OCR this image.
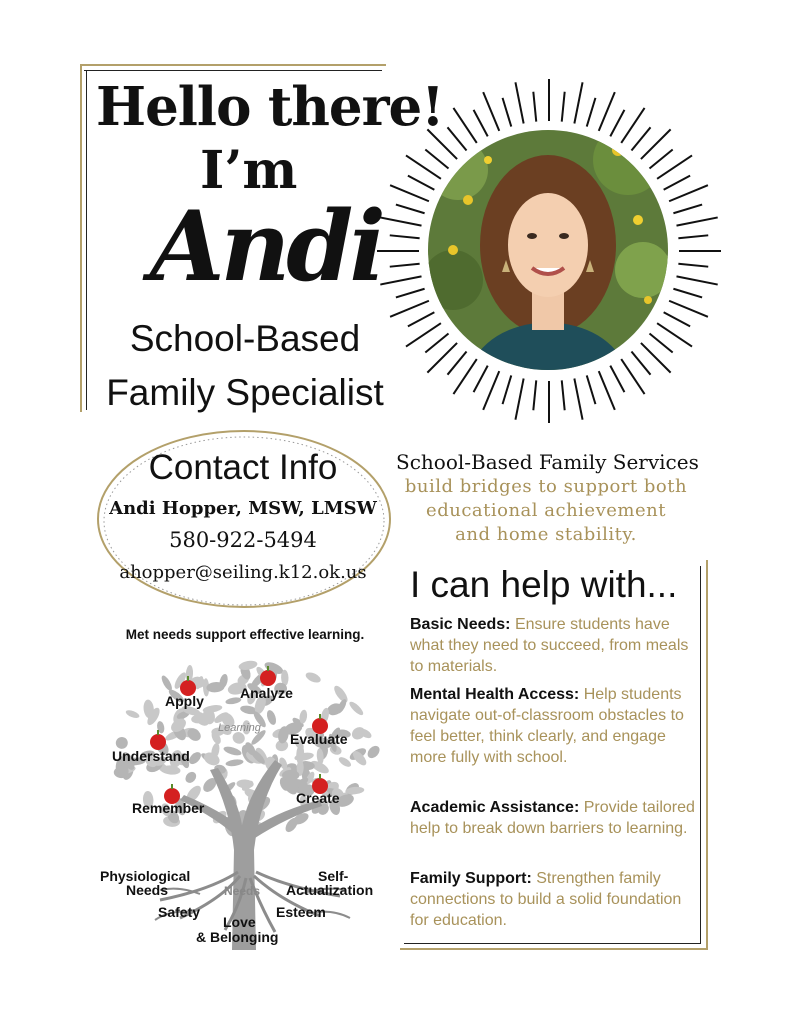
Hello there!
I’m
Andi
School-Based
Family Specialist
Contact Info
Andi Hopper, MSW, LMSW
580-922-5494
ahopper@seiling.k12.ok.us
School-Based Family Services
build bridges to support both
educational achievement
and home stability.
I can help with...
Basic Needs: Ensure students have what they need to succeed, from meals to materials.
Mental Health Access: Help students navigate out-of-classroom obstacles to feel better, think clearly, and engage more fully with school.
Academic Assistance: Provide tailored help to break down barriers to learning.
Family Support: Strengthen family connections to build a solid foundation for education.
Met needs support effective learning.
Learning
Needs
Apply	Analyze
Evaluate
Understand
Remember
Create
Physiological
Needs
Self-
Actualization
Safety	Esteem
Love
& Belonging
